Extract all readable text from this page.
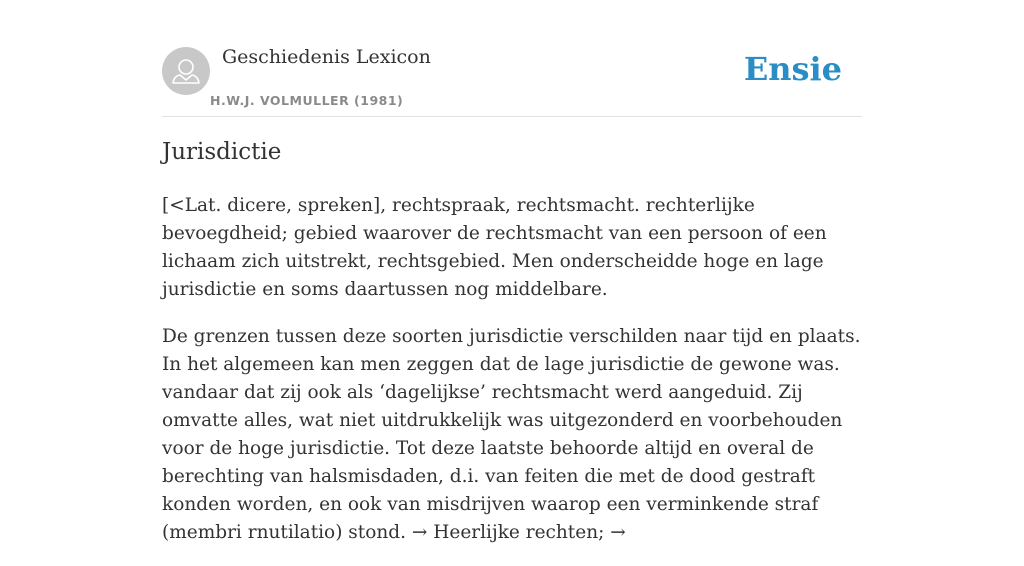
Geschiedenis Lexicon
H.W.J. VOLMULLER (1981)
Ensie
Jurisdictie

[<Lat. dicere, spreken], rechtspraak, rechtsmacht. rechterlijke bevoegdheid; gebied waarover de rechtsmacht van een persoon of een lichaam zich uitstrekt, rechtsgebied. Men onderscheidde hoge en lage jurisdictie en soms daartussen nog middelbare.

De grenzen tussen deze soorten jurisdictie verschilden naar tijd en plaats. In het algemeen kan men zeggen dat de lage jurisdictie de gewone was. vandaar dat zij ook als ‘dagelijkse’ rechtsmacht werd aangeduid. Zij omvatte alles, wat niet uitdrukkelijk was uitgezonderd en voorbehouden voor de hoge jurisdictie. Tot deze laatste behoorde altijd en overal de berechting van halsmisdaden, d.i. van feiten die met de dood gestraft konden worden, en ook van misdrijven waarop een verminkende straf (membri rnutilatio) stond. → Heerlijke rechten; →
